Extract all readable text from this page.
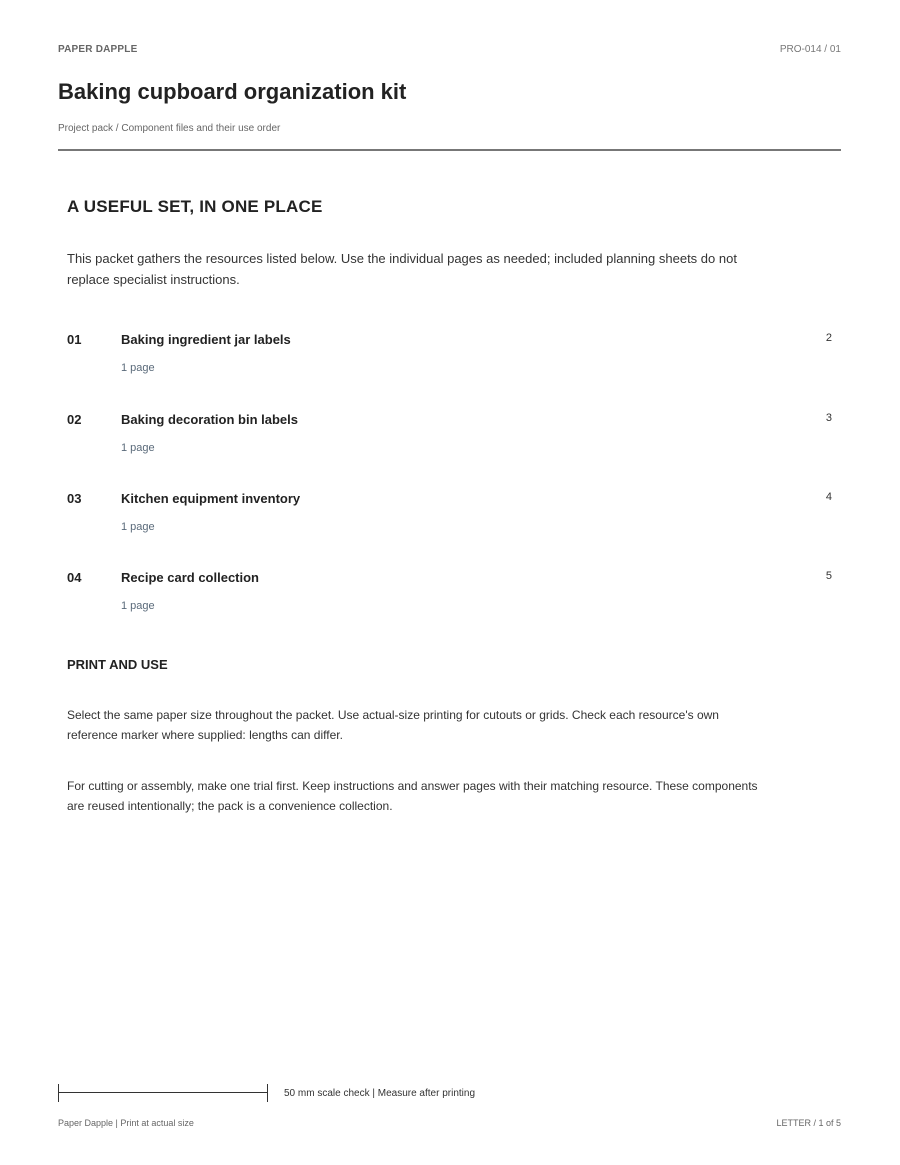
PAPER DAPPLE	PRO-014 / 01
Baking cupboard organization kit
Project pack / Component files and their use order
A USEFUL SET, IN ONE PLACE

This packet gathers the resources listed below. Use the individual pages as needed; included planning sheets do not replace specialist instructions.

01	Baking ingredient jar labels	2
1 page
02	Baking decoration bin labels	3
1 page
03	Kitchen equipment inventory	4
1 page
04	Recipe card collection	5
1 page
PRINT AND USE

Select the same paper size throughout the packet. Use actual-size printing for cutouts or grids. Check each resource's own reference marker where supplied: lengths can differ.

For cutting or assembly, make one trial first. Keep instructions and answer pages with their matching resource. These components are reused intentionally; the pack is a convenience collection.

50 mm scale check | Measure after printing
Paper Dapple | Print at actual size	LETTER / 1 of 5
